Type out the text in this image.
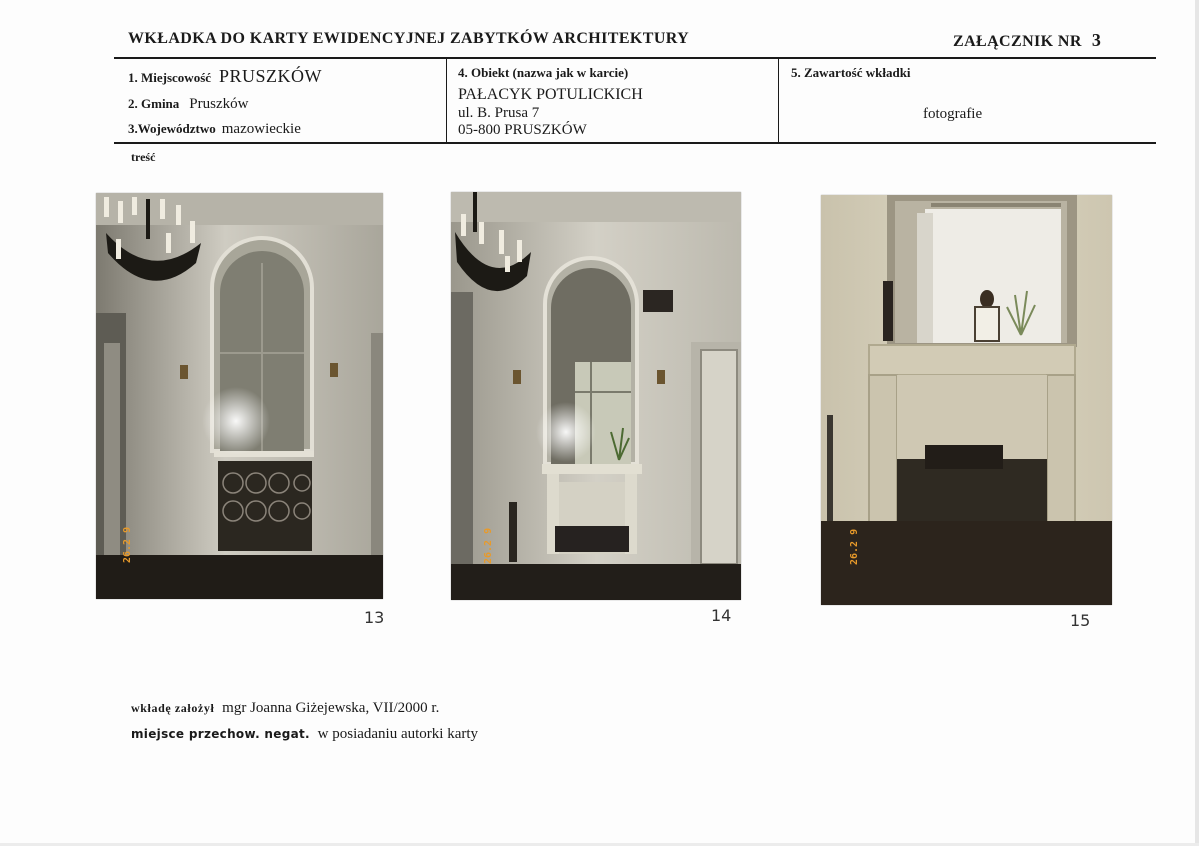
WKŁADKA DO KARTY EWIDENCYJNEJ ZABYTKÓW ARCHITEKTURY	ZAŁĄCZNIK NR 3
1. Miejscowość PRUSZKÓW
2. Gmina Pruszków
3.Województwo mazowieckie
4. Obiekt (nazwa jak w karcie)
PAŁACYK POTULICKICH
ul. B. Prusa 7
05-800 PRUSZKÓW
5. Zawartość wkładki
fotografie
treść
26.2 9
13
26.2 9
14
26.2 9
15
wkładę założył mgr Joanna Giżejewska, VII/2000 r.
miejsce przechow. negat. w posiadaniu autorki karty
